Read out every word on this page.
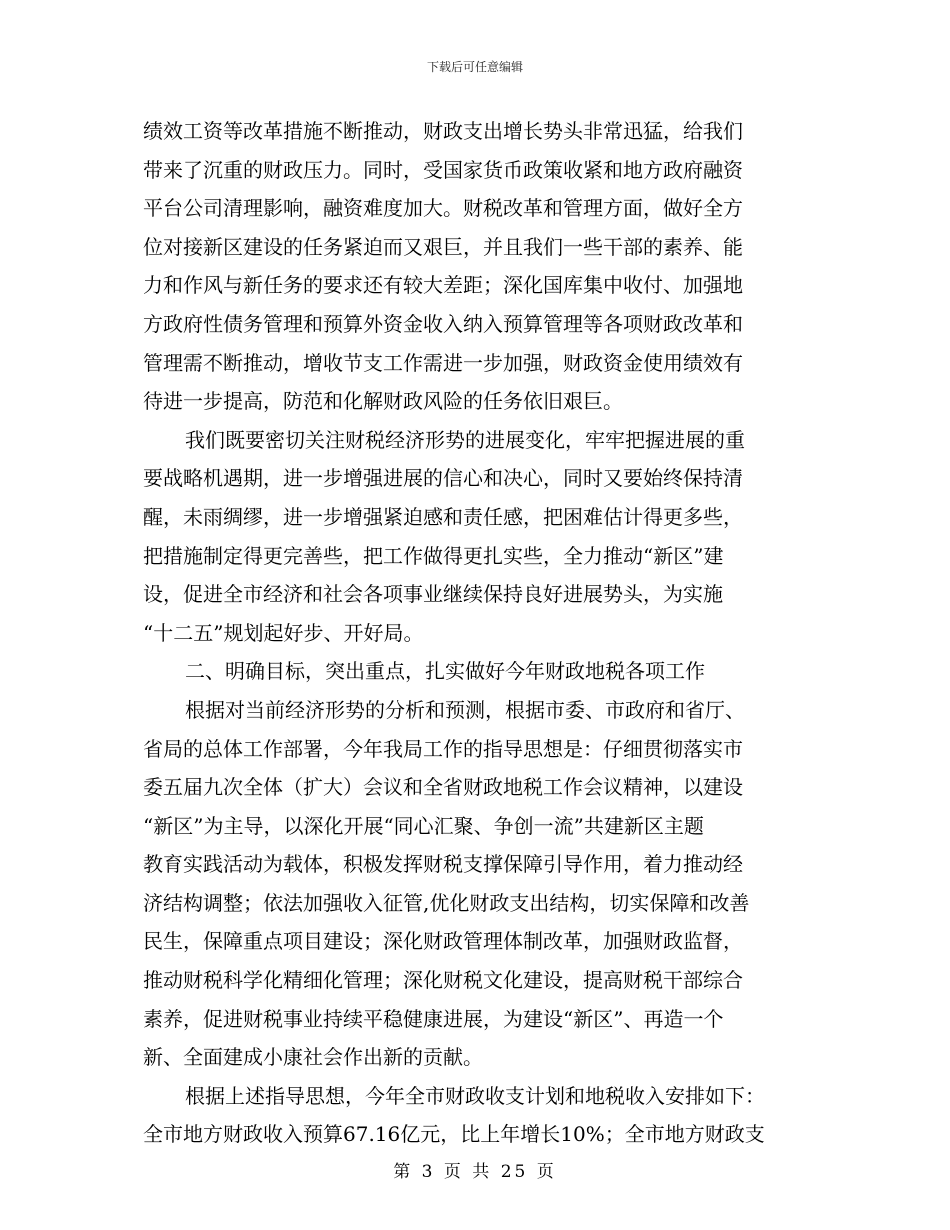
下载后可任意编辑
绩效工资等改革措施不断推动，财政支出增长势头非常迅猛，给我们
带来了沉重的财政压力。同时，受国家货币政策收紧和地方政府融资
平台公司清理影响，融资难度加大。财税改革和管理方面，做好全方
位对接新区建设的任务紧迫而又艰巨，并且我们一些干部的素养、能
力和作风与新任务的要求还有较大差距；深化国库集中收付、加强地
方政府性债务管理和预算外资金收入纳入预算管理等各项财政改革和
管理需不断推动，增收节支工作需进一步加强，财政资金使用绩效有
待进一步提高，防范和化解财政风险的任务依旧艰巨。
我们既要密切关注财税经济形势的进展变化，牢牢把握进展的重
要战略机遇期，进一步增强进展的信心和决心，同时又要始终保持清
醒，未雨绸缪，进一步增强紧迫感和责任感，把困难估计得更多些，
把措施制定得更完善些，把工作做得更扎实些，全力推动“新区”建
设，促进全市经济和社会各项事业继续保持良好进展势头，为实施
“十二五”规划起好步、开好局。
二、明确目标，突出重点，扎实做好今年财政地税各项工作
根据对当前经济形势的分析和预测，根据市委、市政府和省厅、
省局的总体工作部署，今年我局工作的指导思想是：仔细贯彻落实市
委五届九次全体（扩大）会议和全省财政地税工作会议精神，以建设
“新区”为主导，以深化开展“同心汇聚、争创一流”共建新区主题
教育实践活动为载体，积极发挥财税支撑保障引导作用，着力推动经
济结构调整；依法加强收入征管,优化财政支出结构，切实保障和改善
民生，保障重点项目建设；深化财政管理体制改革，加强财政监督，
推动财税科学化精细化管理；深化财税文化建设，提高财税干部综合
素养，促进财税事业持续平稳健康进展，为建设“新区”、再造一个
新、全面建成小康社会作出新的贡献。
根据上述指导思想，今年全市财政收支计划和地税收入安排如下：
全市地方财政收入预算67.16亿元，比上年增长10%；全市地方财政支
第 3 页 共 25 页
